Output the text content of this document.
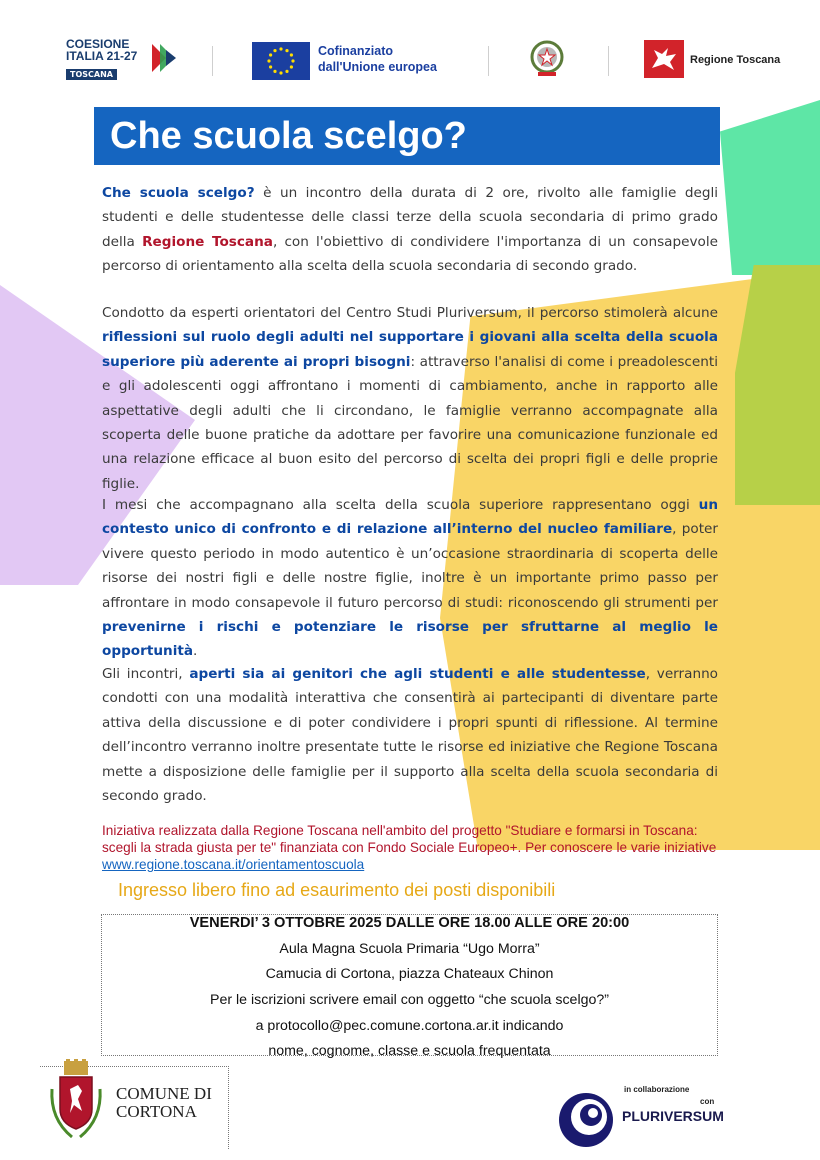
COESIONE
ITALIA 21-27
TOSCANA
Cofinanziato
dall'Unione europea	Regione Toscana
Che scuola scelgo?
Che scuola scelgo? è un incontro della durata di 2 ore, rivolto alle famiglie degli studenti e delle studentesse delle classi terze della scuola secondaria di primo grado della Regione Toscana, con l'obiettivo di condividere l'importanza di un consapevole percorso di orientamento alla scelta della scuola secondaria di secondo grado.
Condotto da esperti orientatori del Centro Studi Pluriversum, il percorso stimolerà alcune riflessioni sul ruolo degli adulti nel supportare i giovani alla scelta della scuola superiore più aderente ai propri bisogni: attraverso l'analisi di come i preadolescenti e gli adolescenti oggi affrontano i momenti di cambiamento, anche in rapporto alle aspettative degli adulti che li circondano, le famiglie verranno accompagnate alla scoperta delle buone pratiche da adottare per favorire una comunicazione funzionale ed una relazione efficace al buon esito del percorso di scelta dei propri figli e delle proprie figlie.
I mesi che accompagnano alla scelta della scuola superiore rappresentano oggi un contesto unico di confronto e di relazione all’interno del nucleo familiare, poter vivere questo periodo in modo autentico è un’occasione straordinaria di scoperta delle risorse dei nostri figli e delle nostre figlie, inoltre è un importante primo passo per affrontare in modo consapevole il futuro percorso di studi: riconoscendo gli strumenti per prevenirne i rischi e potenziare le risorse per sfruttarne al meglio le opportunità.
Gli incontri, aperti sia ai genitori che agli studenti e alle studentesse, verranno condotti con una modalità interattiva che consentirà ai partecipanti di diventare parte attiva della discussione e di poter condividere i propri spunti di riflessione. Al termine dell’incontro verranno inoltre presentate tutte le risorse ed iniziative che Regione Toscana mette a disposizione delle famiglie per il supporto alla scelta della scuola secondaria di secondo grado.
Iniziativa realizzata dalla Regione Toscana nell'ambito del progetto "Studiare e formarsi in Toscana: scegli la strada giusta per te" finanziata con Fondo Sociale Europeo+. Per conoscere le varie iniziative www.regione.toscana.it/orientamentoscuola
Ingresso libero fino ad esaurimento dei posti disponibili
VENERDI’ 3 OTTOBRE 2025 DALLE ORE 18.00 ALLE ORE 20:00
Aula Magna Scuola Primaria “Ugo Morra”
Camucia di Cortona, piazza Chateaux Chinon
Per le iscrizioni scrivere email con oggetto “che scuola scelgo?”
a protocollo@pec.comune.cortona.ar.it indicando
nome, cognome, classe e scuola frequentata
COMUNE DI
CORTONA
in collaborazione
con
PLURIVERSUM
